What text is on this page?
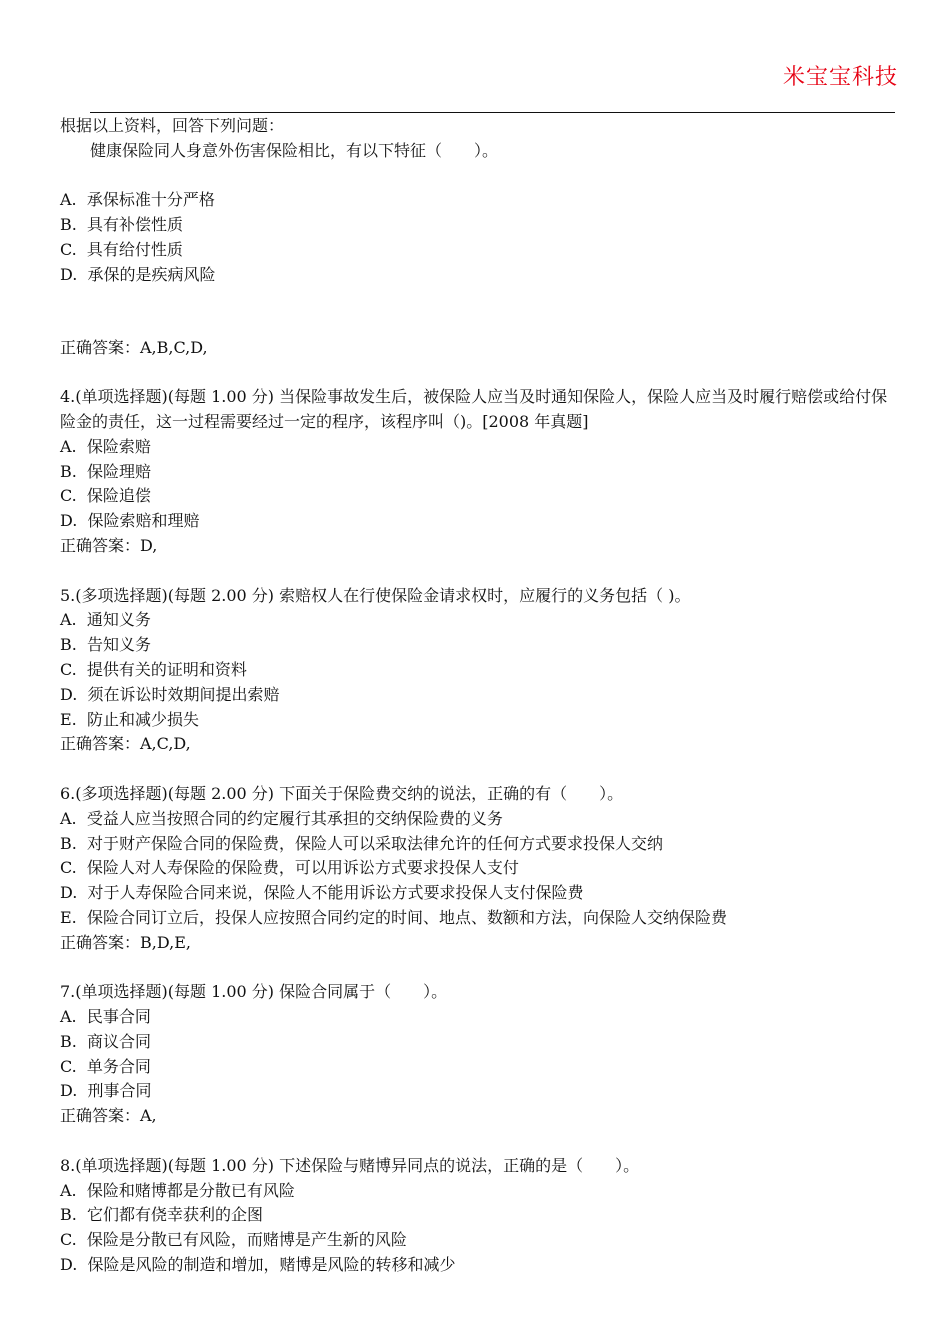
米宝宝科技
根据以上资料，回答下列问题：
健康保险同人身意外伤害保险相比，有以下特征（　　）。
A.  承保标准十分严格
B.  具有补偿性质
C.  具有给付性质
D.  承保的是疾病风险
正确答案：A,B,C,D,
4.(单项选择题)(每题 1.00 分) 当保险事故发生后，被保险人应当及时通知保险人，保险人应当及时履行赔偿或给付保险金的责任，这一过程需要经过一定的程序，该程序叫（)。[2008 年真题]
A.  保险索赔
B.  保险理赔
C.  保险追偿
D.  保险索赔和理赔
正确答案：D,
5.(多项选择题)(每题 2.00 分) 索赔权人在行使保险金请求权时，应履行的义务包括（ )。
A.  通知义务
B.  告知义务
C.  提供有关的证明和资料
D.  须在诉讼时效期间提出索赔
E.  防止和减少损失
正确答案：A,C,D,
6.(多项选择题)(每题 2.00 分) 下面关于保险费交纳的说法，正确的有（　　）。
A.  受益人应当按照合同的约定履行其承担的交纳保险费的义务
B.  对于财产保险合同的保险费，保险人可以采取法律允许的任何方式要求投保人交纳
C.  保险人对人寿保险的保险费，可以用诉讼方式要求投保人支付
D.  对于人寿保险合同来说，保险人不能用诉讼方式要求投保人支付保险费
E.  保险合同订立后，投保人应按照合同约定的时间、地点、数额和方法，向保险人交纳保险费
正确答案：B,D,E,
7.(单项选择题)(每题 1.00 分) 保险合同属于（　　）。
A.  民事合同
B.  商议合同
C.  单务合同
D.  刑事合同
正确答案：A,
8.(单项选择题)(每题 1.00 分) 下述保险与赌博异同点的说法，正确的是（　　）。
A.  保险和赌博都是分散已有风险
B.  它们都有侥幸获利的企图
C.  保险是分散已有风险，而赌博是产生新的风险
D.  保险是风险的制造和增加，赌博是风险的转移和减少
